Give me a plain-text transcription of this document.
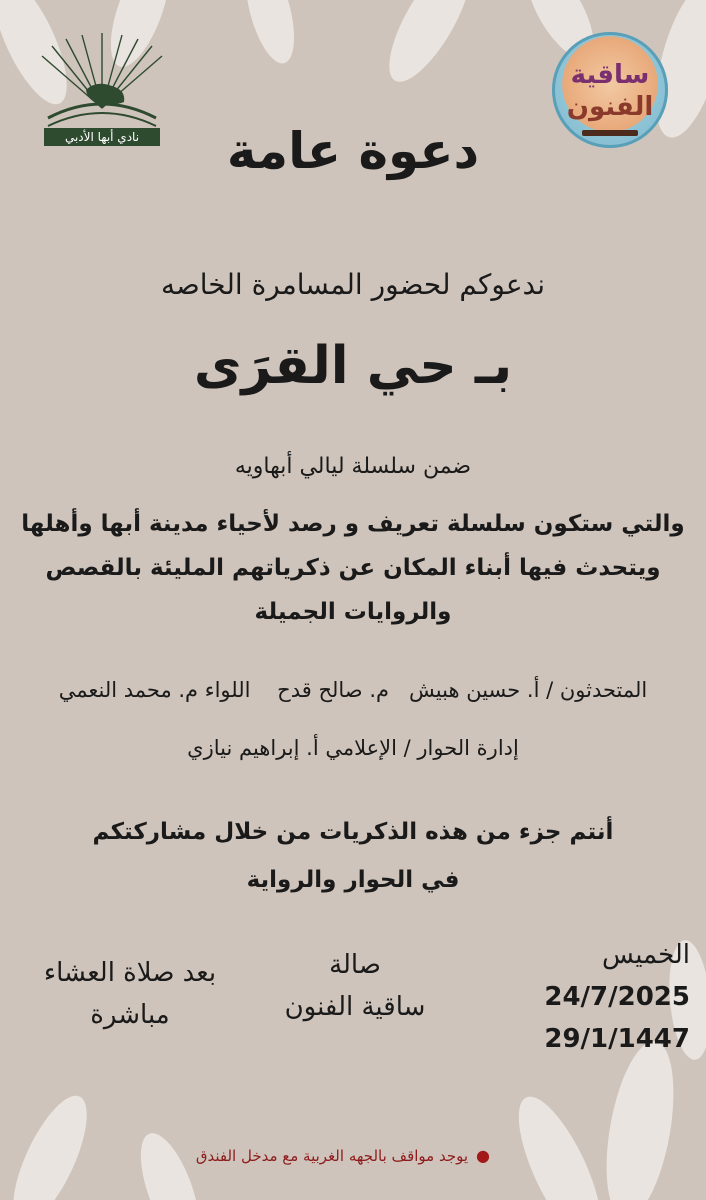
نادي أبها الأدبي
ساقية
الفنون
دعوة عامة
ندعوكم لحضور المسامرة الخاصه
بـ حي القرَى
ضمن سلسلة ليالي أبهاويه
والتي ستكون سلسلة تعريف و رصد لأحياء مدينة أبها وأهلها
ويتحدث فيها أبناء المكان عن ذكرياتهم المليئة بالقصص
والروايات الجميلة
المتحدثون / أ. حسين هبيش   م. صالح قدح    اللواء م. محمد النعمي
إدارة الحوار / الإعلامي أ. إبراهيم نيازي
أنتم جزء من هذه الذكريات من خلال مشاركتكم
في الحوار والرواية
الخميس
24/7/2025
29/1/1447
صالة
ساقية الفنون
بعد صلاة العشاء
مباشرة
●يوجد مواقف بالجهه الغربية مع مدخل الفندق
